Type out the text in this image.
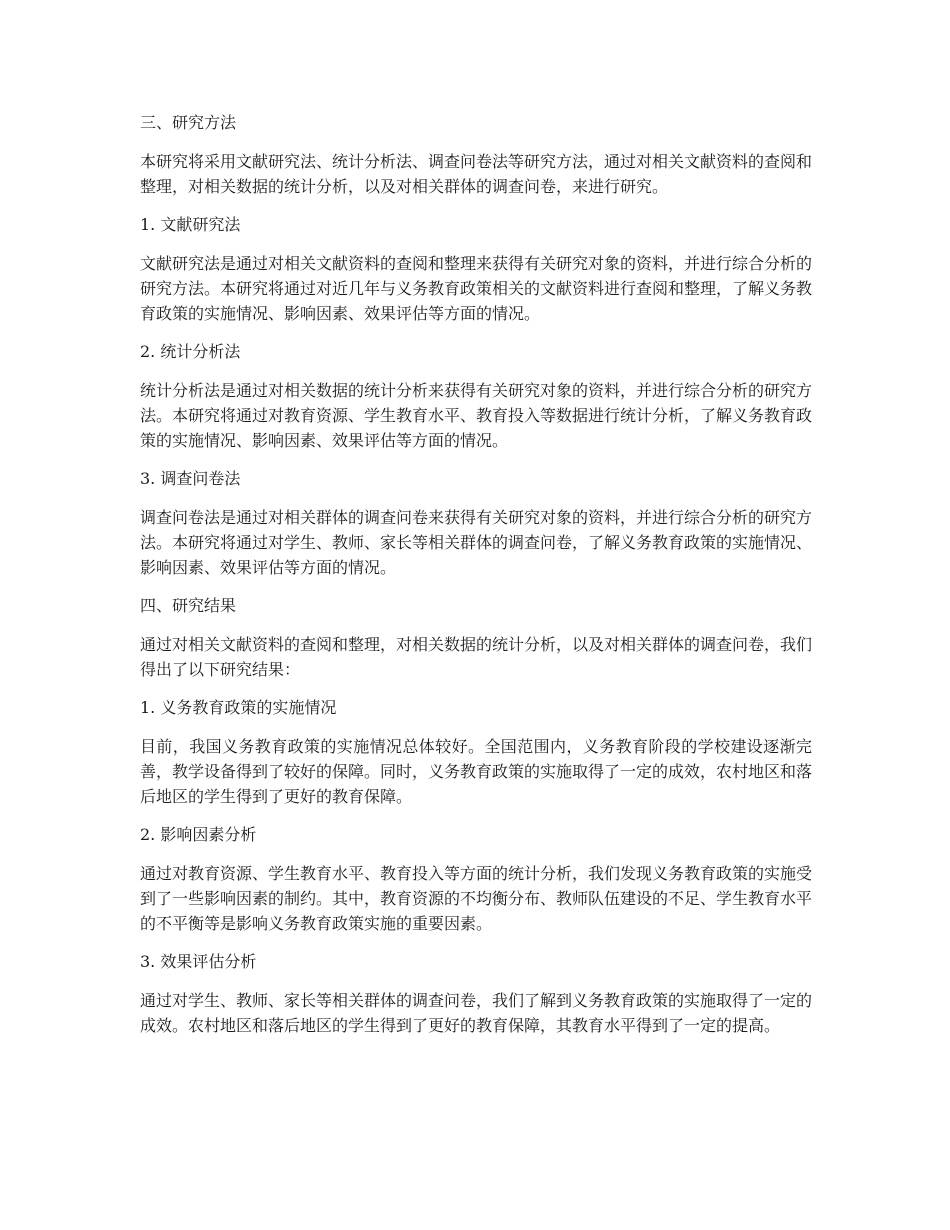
三、研究方法

本研究将采用文献研究法、统计分析法、调查问卷法等研究方法，通过对相关文献资料的查阅和整理，对相关数据的统计分析，以及对相关群体的调查问卷，来进行研究。

1. 文献研究法

文献研究法是通过对相关文献资料的查阅和整理来获得有关研究对象的资料，并进行综合分析的研究方法。本研究将通过对近几年与义务教育政策相关的文献资料进行查阅和整理，了解义务教育政策的实施情况、影响因素、效果评估等方面的情况。

2. 统计分析法

统计分析法是通过对相关数据的统计分析来获得有关研究对象的资料，并进行综合分析的研究方法。本研究将通过对教育资源、学生教育水平、教育投入等数据进行统计分析，了解义务教育政策的实施情况、影响因素、效果评估等方面的情况。

3. 调查问卷法

调查问卷法是通过对相关群体的调查问卷来获得有关研究对象的资料，并进行综合分析的研究方法。本研究将通过对学生、教师、家长等相关群体的调查问卷，了解义务教育政策的实施情况、影响因素、效果评估等方面的情况。

四、研究结果

通过对相关文献资料的查阅和整理，对相关数据的统计分析，以及对相关群体的调查问卷，我们得出了以下研究结果：

1. 义务教育政策的实施情况

目前，我国义务教育政策的实施情况总体较好。全国范围内，义务教育阶段的学校建设逐渐完善，教学设备得到了较好的保障。同时，义务教育政策的实施取得了一定的成效，农村地区和落后地区的学生得到了更好的教育保障。

2. 影响因素分析

通过对教育资源、学生教育水平、教育投入等方面的统计分析，我们发现义务教育政策的实施受到了一些影响因素的制约。其中，教育资源的不均衡分布、教师队伍建设的不足、学生教育水平的不平衡等是影响义务教育政策实施的重要因素。

3. 效果评估分析

通过对学生、教师、家长等相关群体的调查问卷，我们了解到义务教育政策的实施取得了一定的成效。农村地区和落后地区的学生得到了更好的教育保障，其教育水平得到了一定的提高。
